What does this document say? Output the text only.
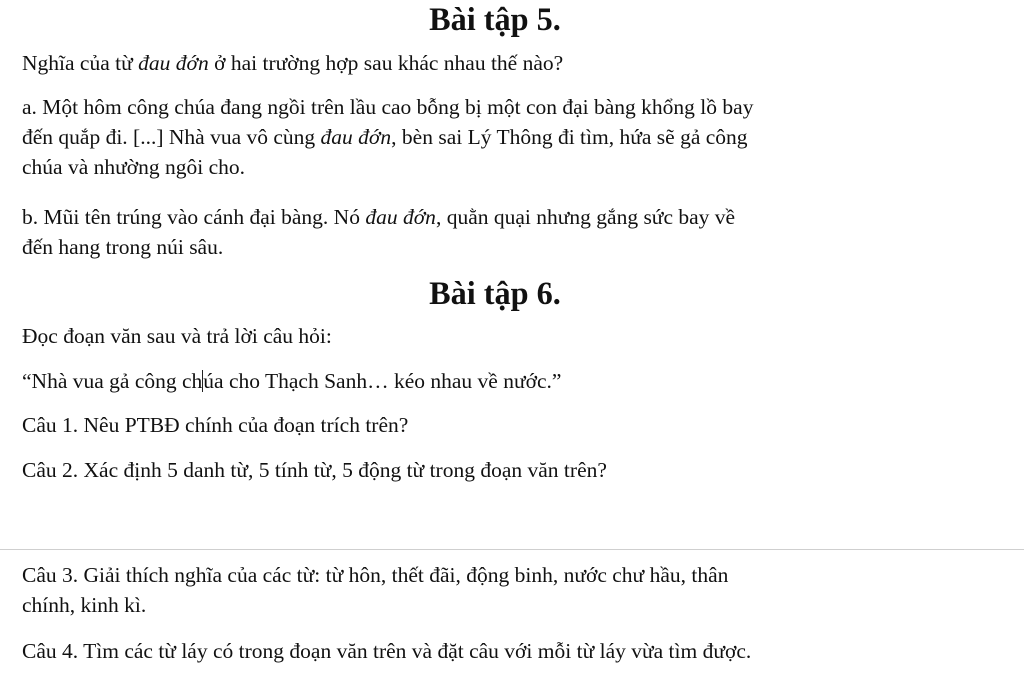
Bài tập 5.

Nghĩa của từ đau đớn ở hai trường hợp sau khác nhau thế nào?

a. Một hôm công chúa đang ngồi trên lầu cao bỗng bị một con đại bàng khổng lồ bay
đến quắp đi. [...] Nhà vua vô cùng đau đớn, bèn sai Lý Thông đi tìm, hứa sẽ gả công
chúa và nhường ngôi cho.
b. Mũi tên trúng vào cánh đại bàng. Nó đau đớn, quằn quại nhưng gắng sức bay về
đến hang trong núi sâu.
Bài tập 6.

Đọc đoạn văn sau và trả lời câu hỏi:

“Nhà vua gả công chúa cho Thạch Sanh… kéo nhau về nước.”

Câu 1. Nêu PTBĐ chính của đoạn trích trên?

Câu 2. Xác định 5 danh từ, 5 tính từ, 5 động từ trong đoạn văn trên?

Câu 3. Giải thích nghĩa của các từ: từ hôn, thết đãi, động binh, nước chư hầu, thân
chính, kinh kì.

Câu 4. Tìm các từ láy có trong đoạn văn trên và đặt câu với mỗi từ láy vừa tìm được.
